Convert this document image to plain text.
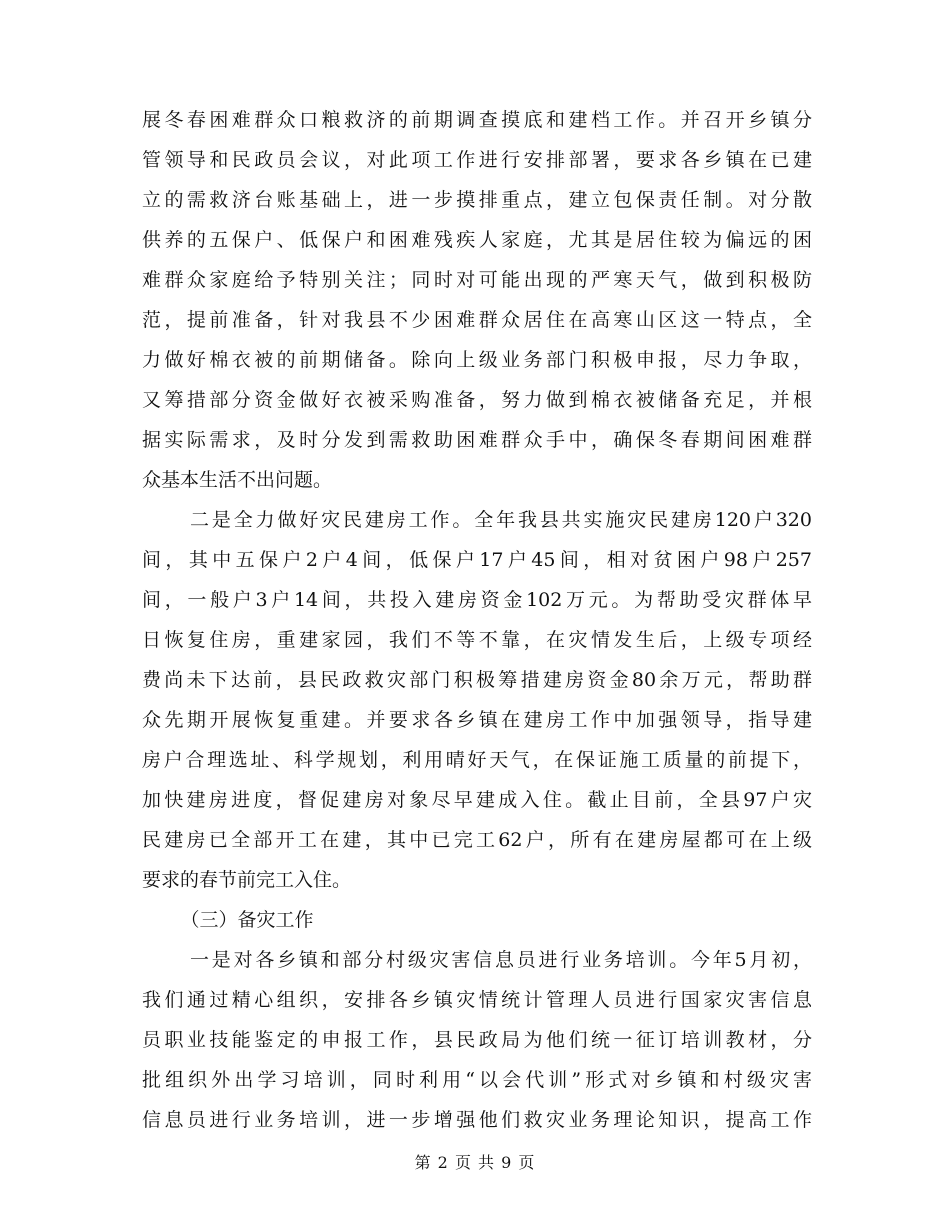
展冬春困难群众口粮救济的前期调查摸底和建档工作。并召开乡镇分
管领导和民政员会议，对此项工作进行安排部署，要求各乡镇在已建
立的需救济台账基础上，进一步摸排重点，建立包保责任制。对分散
供养的五保户、低保户和困难残疾人家庭，尤其是居住较为偏远的困
难群众家庭给予特别关注；同时对可能出现的严寒天气，做到积极防
范，提前准备，针对我县不少困难群众居住在高寒山区这一特点，全
力做好棉衣被的前期储备。除向上级业务部门积极申报，尽力争取，
又筹措部分资金做好衣被采购准备，努力做到棉衣被储备充足，并根
据实际需求，及时分发到需救助困难群众手中，确保冬春期间困难群
众基本生活不出问题。
二是全力做好灾民建房工作。全年我县共实施灾民建房120户320
间，其中五保户2户4间，低保户17户45间，相对贫困户98户257
间，一般户3户14间，共投入建房资金102万元。为帮助受灾群体早
日恢复住房，重建家园，我们不等不靠，在灾情发生后，上级专项经
费尚未下达前，县民政救灾部门积极筹措建房资金80余万元，帮助群
众先期开展恢复重建。并要求各乡镇在建房工作中加强领导，指导建
房户合理选址、科学规划，利用晴好天气，在保证施工质量的前提下，
加快建房进度，督促建房对象尽早建成入住。截止目前，全县97户灾
民建房已全部开工在建，其中已完工62户，所有在建房屋都可在上级
要求的春节前完工入住。
（三）备灾工作
一是对各乡镇和部分村级灾害信息员进行业务培训。今年5月初，
我们通过精心组织，安排各乡镇灾情统计管理人员进行国家灾害信息
员职业技能鉴定的申报工作，县民政局为他们统一征订培训教材，分
批组织外出学习培训，同时利用“以会代训”形式对乡镇和村级灾害
信息员进行业务培训，进一步增强他们救灾业务理论知识，提高工作
第 2 页 共 9 页
